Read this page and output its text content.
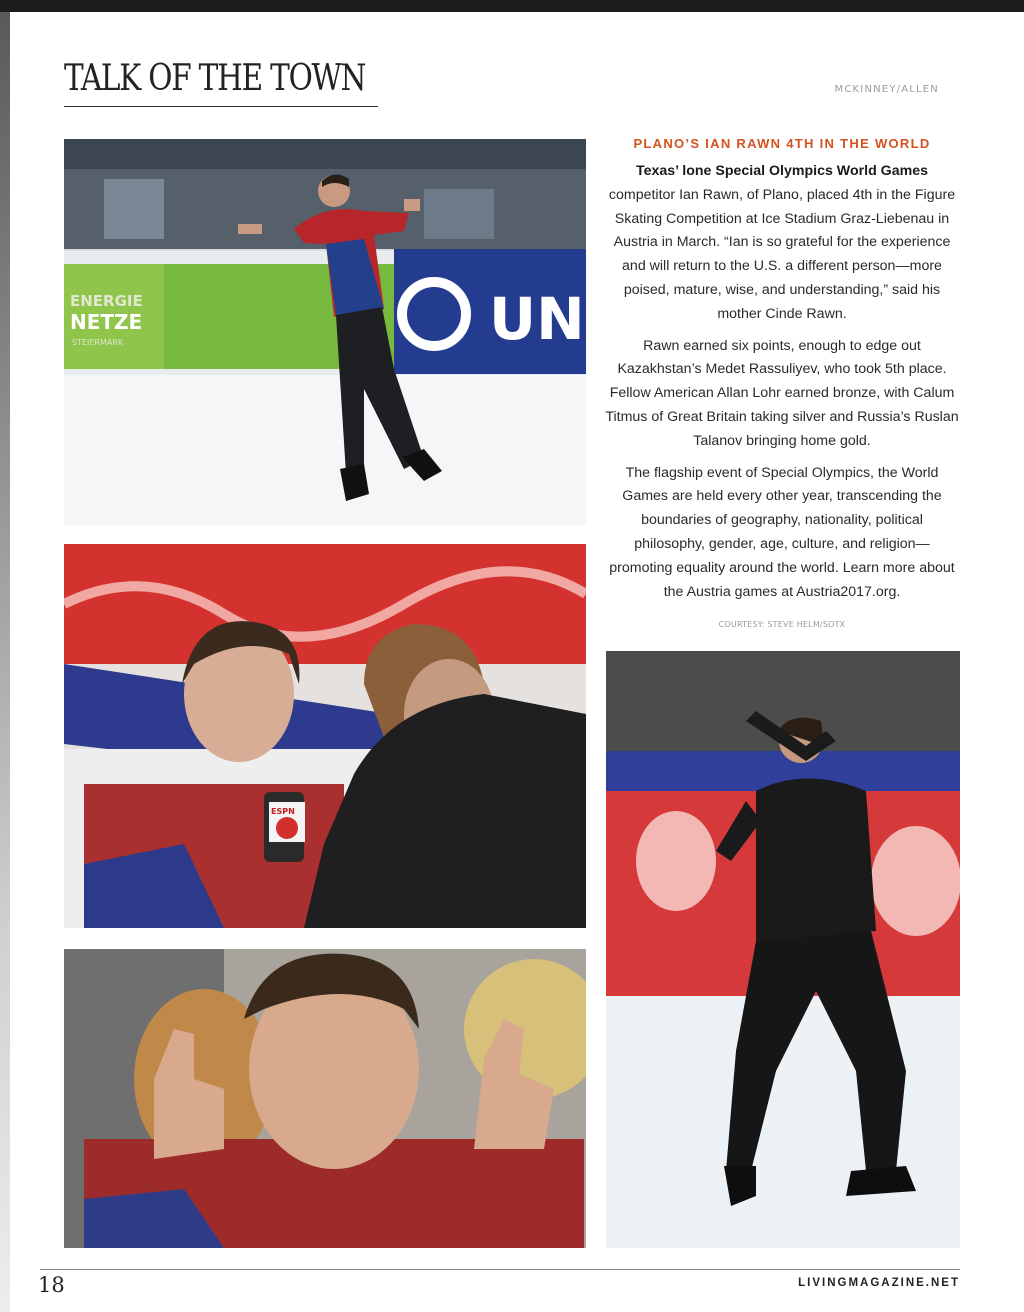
TALK OF THE TOWN	MCKINNEY/ALLEN
ENERGIE
NETZE
STEIERMARK	UN
ESPN
PLANO’S IAN RAWN 4TH IN THE WORLD

Texas’ lone Special Olympics World Games competitor Ian Rawn, of Plano, placed 4th in the Figure Skating Competition at Ice Stadium Graz-Liebenau in Austria in March. “Ian is so grateful for the experience and will return to the U.S. a different person—more poised, mature, wise, and understanding,” said his mother Cinde Rawn.

Rawn earned six points, enough to edge out Kazakhstan’s Medet Rassuliyev, who took 5th place. Fellow American Allan Lohr earned bronze, with Calum Titmus of Great Britain taking silver and Russia’s Ruslan Talanov bringing home gold.

The flagship event of Special Olympics, the World Games are held every other year, transcending the boundaries of geography, nationality, political philosophy, gender, age, culture, and religion—promoting equality around the world. Learn more about the Austria games at Austria2017.org.

COURTESY: STEVE HELM/SOTX
18	LIVINGMAGAZINE.NET
